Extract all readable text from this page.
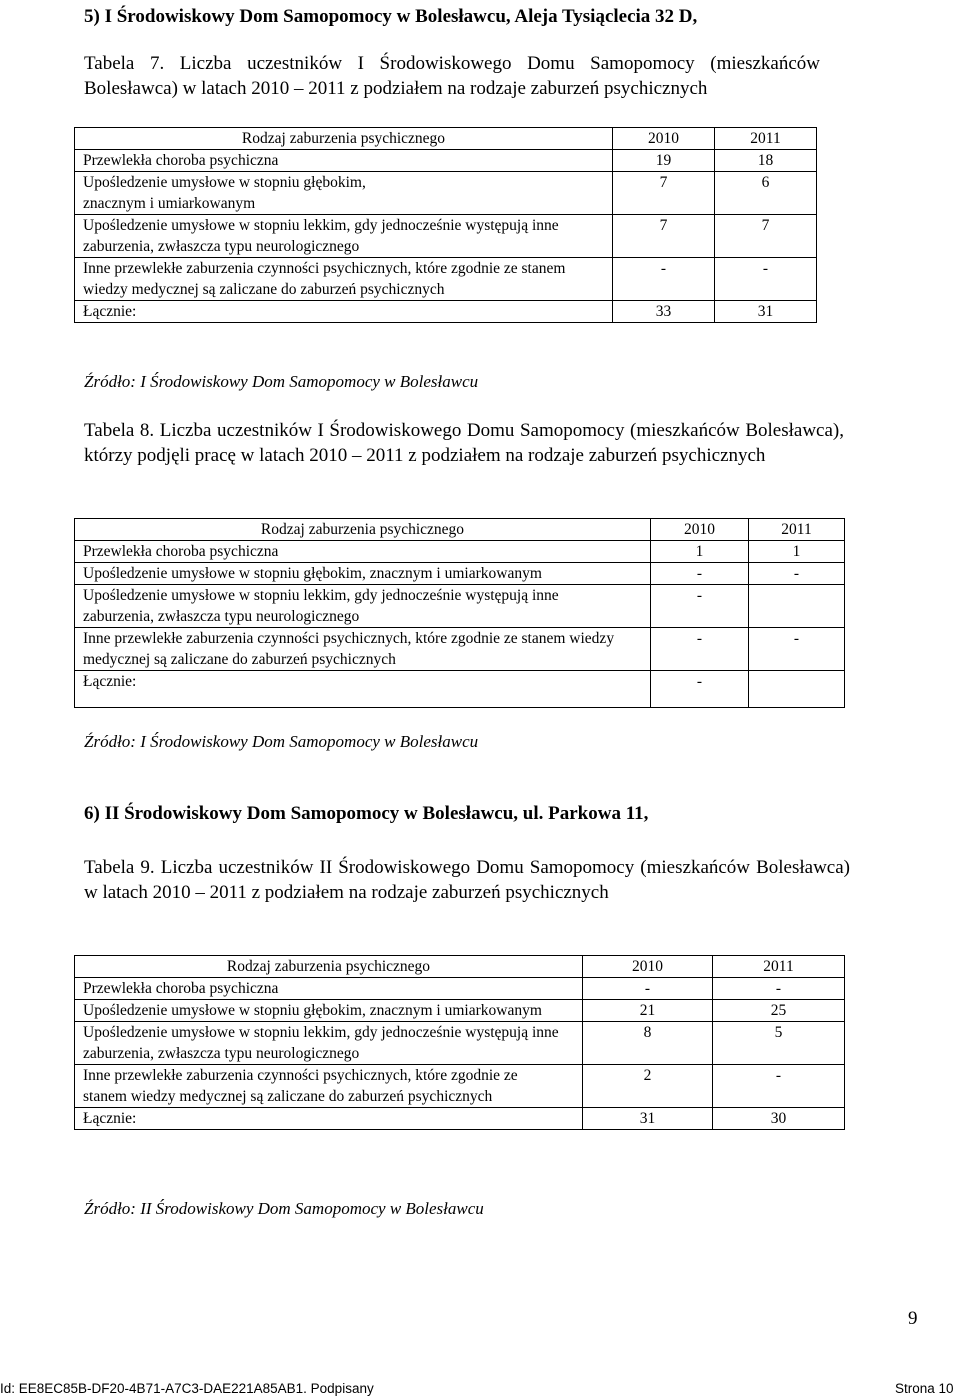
5) I Środowiskowy Dom Samopomocy w Bolesławcu, Aleja Tysiąclecia 32 D,
Tabela 7. Liczba uczestników I Środowiskowego Domu Samopomocy (mieszkańców Bolesławca) w latach 2010 – 2011 z podziałem na rodzaje zaburzeń psychicznych
Rodzaj zaburzenia psychicznego	2010	2011
Przewlekła choroba psychiczna	19	18
Upośledzenie umysłowe w stopniu głębokim, znacznym i umiarkowanym	7	6
Upośledzenie umysłowe w stopniu lekkim, gdy jednocześnie występują inne zaburzenia, zwłaszcza typu neurologicznego	7	7
Inne przewlekłe zaburzenia czynności psychicznych, które zgodnie ze stanem wiedzy medycznej są zaliczane do zaburzeń psychicznych	-	-
Łącznie:	33	31
Źródło: I Środowiskowy Dom Samopomocy w Bolesławcu
Tabela 8. Liczba uczestników I Środowiskowego Domu Samopomocy (mieszkańców Bolesławca), którzy podjęli pracę w latach 2010 – 2011 z podziałem na rodzaje zaburzeń psychicznych
Rodzaj zaburzenia psychicznego	2010	2011
Przewlekła choroba psychiczna	1	1
Upośledzenie umysłowe w stopniu głębokim, znacznym i umiarkowanym	-	-
Upośledzenie umysłowe w stopniu lekkim, gdy jednocześnie występują inne zaburzenia, zwłaszcza typu neurologicznego	-	
Inne przewlekłe zaburzenia czynności psychicznych, które zgodnie ze stanem wiedzy medycznej są zaliczane do zaburzeń psychicznych	-	-
Łącznie:	-	
Źródło: I Środowiskowy Dom Samopomocy w Bolesławcu
6) II Środowiskowy Dom Samopomocy w Bolesławcu, ul. Parkowa 11,
Tabela 9. Liczba uczestników II Środowiskowego Domu Samopomocy (mieszkańców Bolesławca) w latach 2010 – 2011 z podziałem na rodzaje zaburzeń psychicznych
Rodzaj zaburzenia psychicznego	2010	2011
Przewlekła choroba psychiczna	-	-
Upośledzenie umysłowe w stopniu głębokim, znacznym i umiarkowanym	21	25
Upośledzenie umysłowe w stopniu lekkim, gdy jednocześnie występują inne zaburzenia, zwłaszcza typu neurologicznego	8	5
Inne przewlekłe zaburzenia czynności psychicznych, które zgodnie ze stanem wiedzy medycznej są zaliczane do zaburzeń psychicznych	2	-
Łącznie:	31	30
Źródło: II Środowiskowy Dom Samopomocy w Bolesławcu
9
Id: EE8EC85B-DF20-4B71-A7C3-DAE221A85AB1. Podpisany	Strona 10
